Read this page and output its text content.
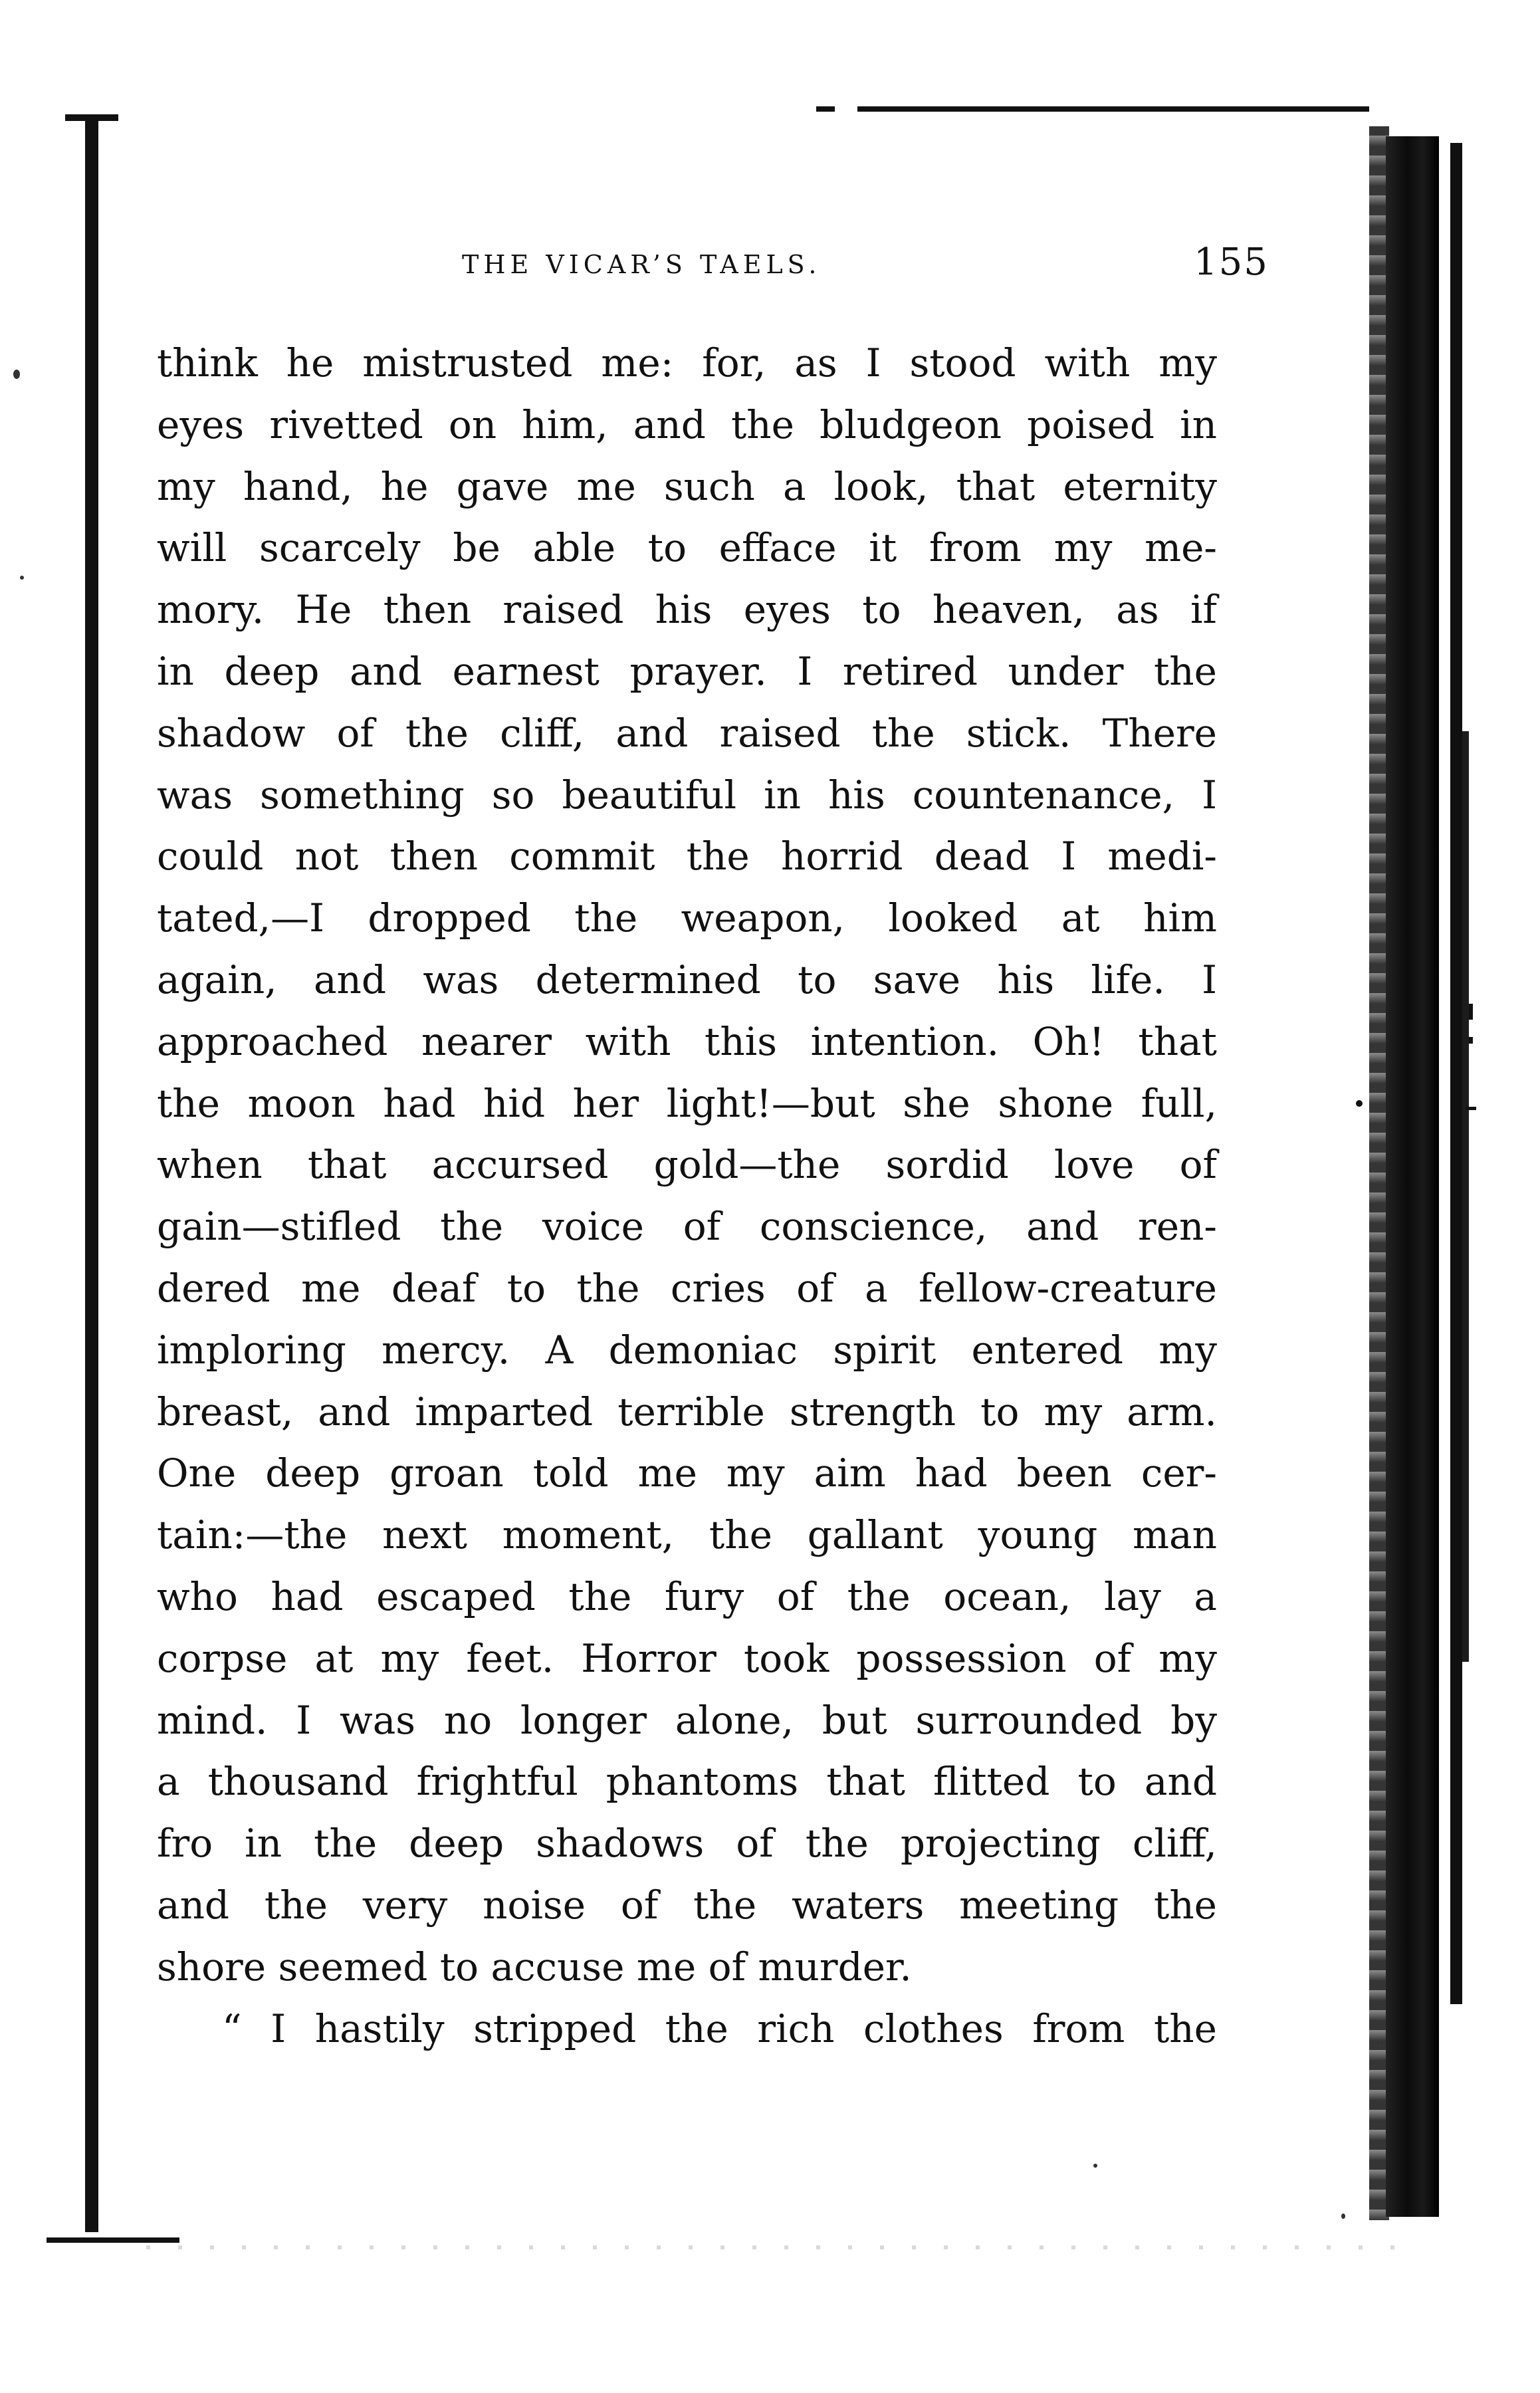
THE VICAR’S TAELS.	155
think he mistrusted me: for, as I stood with my
eyes rivetted on him, and the bludgeon poised in
my hand, he gave me such a look, that eternity
will scarcely be able to efface it from my me-
mory. He then raised his eyes to heaven, as if
in deep and earnest prayer. I retired under the
shadow of the cliff, and raised the stick. There
was something so beautiful in his countenance, I
could not then commit the horrid dead I medi-
tated,—I dropped the weapon, looked at him
again, and was determined to save his life. I
approached nearer with this intention. Oh! that
the moon had hid her light!—but she shone full,
when that accursed gold—the sordid love of
gain—stifled the voice of conscience, and ren-
dered me deaf to the cries of a fellow-creature
imploring mercy. A demoniac spirit entered my
breast, and imparted terrible strength to my arm.
One deep groan told me my aim had been cer-
tain:—the next moment, the gallant young man
who had escaped the fury of the ocean, lay a
corpse at my feet. Horror took possession of my
mind. I was no longer alone, but surrounded by
a thousand frightful phantoms that flitted to and
fro in the deep shadows of the projecting cliff,
and the very noise of the waters meeting the
shore seemed to accuse me of murder.
“ I hastily stripped the rich clothes from the
